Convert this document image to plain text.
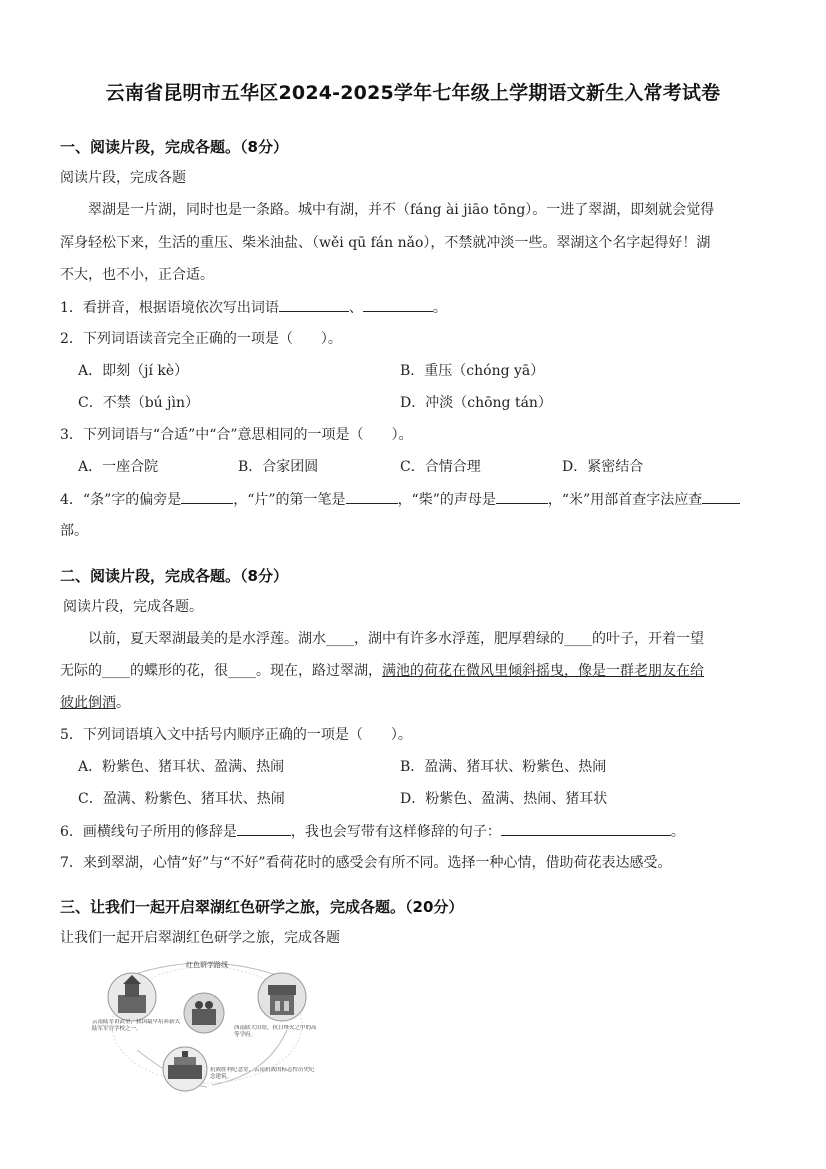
云南省昆明市五华区2024-2025学年七年级上学期语文新生入常考试卷
一、阅读片段，完成各题。（8分）
阅读片段，完成各题
翠湖是一片湖，同时也是一条路。城中有湖，并不（fáng ài jiāo tōng）。一进了翠湖，即刻就会觉得
浑身轻松下来，生活的重压、柴米油盐、（wěi qū fán nǎo），不禁就冲淡一些。翠湖这个名字起得好！湖
不大，也不小，正合适。
1．看拼音，根据语境依次写出词语	、	。
2．下列词语读音完全正确的一项是（　　）。
A．即刻（jí kè）	B．重压（chóng yā）
C．不禁（bú jìn）	D．冲淡（chōng tán）
3．下列词语与“合适”中“合”意思相同的一项是（　　）。
A．一座合院	B．合家团圆	C．合情合理	D．紧密结合
4．“条”字的偏旁是	，“片”的第一笔是	，“柴”的声母是	，“米”用部首查字法应查
部。
二、阅读片段，完成各题。（8分）
阅读片段，完成各题。
以前，夏天翠湖最美的是水浮莲。湖水____，湖中有许多水浮莲，肥厚碧绿的____的叶子，开着一望
无际的____的蝶形的花，很____。现在，路过翠湖，满池的荷花在微风里倾斜摇曳，像是一群老朋友在给
彼此倒酒。
5．下列词语填入文中括号内顺序正确的一项是（　　）。
A．粉紫色、猪耳状、盈满、热闹	B．盈满、猪耳状、粉紫色、热闹
C．盈满、粉紫色、猪耳状、热闹	D．粉紫色、盈满、热闹、猪耳状
6．画横线句子所用的修辞是	，我也会写带有这样修辞的句子：	。
7．来到翠湖，心情“好”与“不好”看荷花时的感受会有所不同。选择一种心情，借助荷花表达感受。
三、让我们一起开启翠湖红色研学之旅，完成各题。（20分）
让我们一起开启翠湖红色研学之旅，完成各题
红色研学路线
云南陆军讲武堂，我国最早培养新式陆军军官学校之一。	西南联大旧址，抗日烽火之中的高等学府。
抗战胜利纪念堂，云南抗战的标志性历史纪念建筑。
